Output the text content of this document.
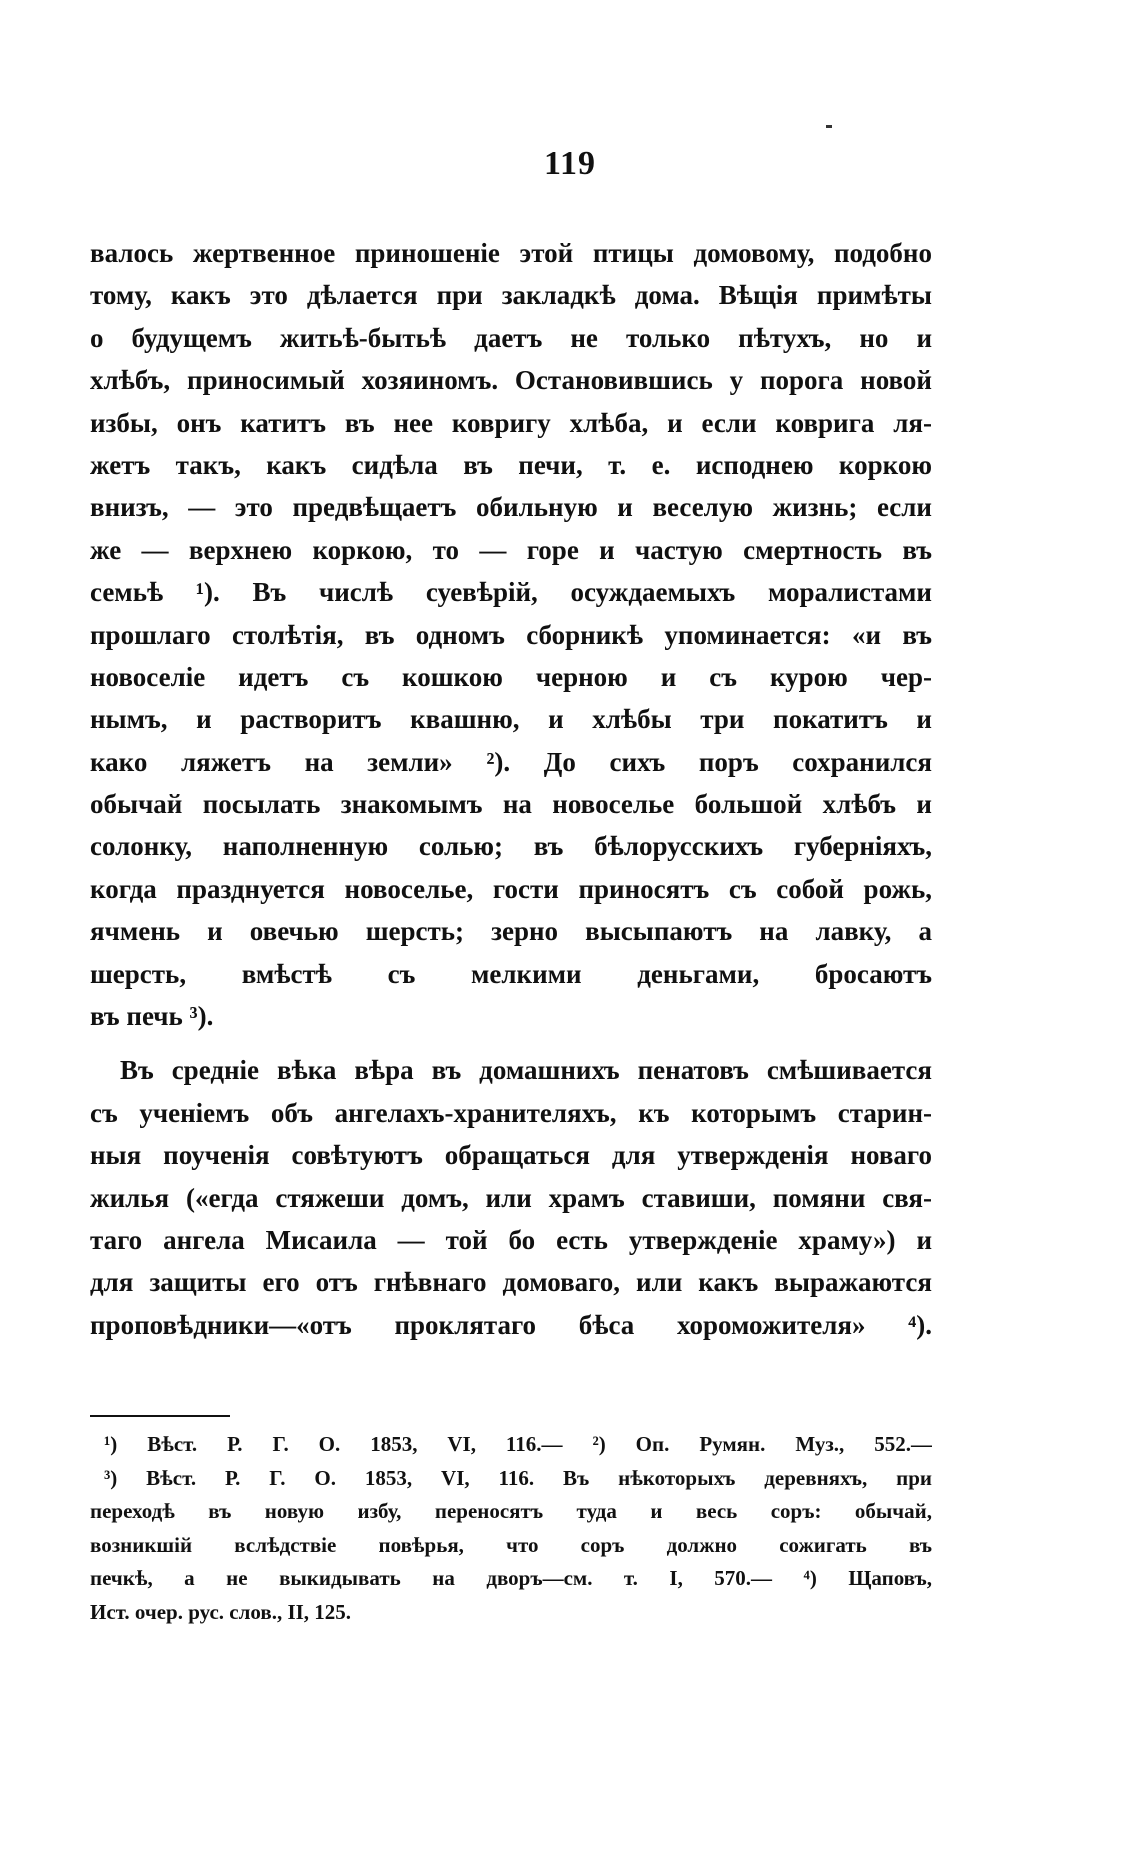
119
валось жертвенное приношеніе этой птицы домовому, подобно
тому, какъ это дѣлается при закладкѣ дома. Вѣщія примѣты
о будущемъ житьѣ-бытьѣ даетъ не только пѣтухъ, но и
хлѣбъ, приносимый хозяиномъ. Остановившись у порога новой
избы, онъ катитъ въ нее ковригу хлѣба, и если коврига ля-
жетъ такъ, какъ сидѣла въ печи, т. е. исподнею коркою
внизъ, — это предвѣщаетъ обильную и веселую жизнь; если
же — верхнею коркою, то — горе и частую смертность въ
семьѣ ¹). Въ числѣ суевѣрій, осуждаемыхъ моралистами
прошлаго столѣтія, въ одномъ сборникѣ упоминается: «и въ
новоселіе идетъ съ кошкою черною и съ курою чер-
нымъ, и растворитъ квашню, и хлѣбы три покатитъ и
како ляжетъ на земли» ²). До сихъ поръ сохранился
обычай посылать знакомымъ на новоселье большой хлѣбъ и
солонку, наполненную солью; въ бѣлорусскихъ губерніяхъ,
когда празднуется новоселье, гости приносятъ съ собой рожь,
ячмень и овечью шерсть; зерно высыпаютъ на лавку, а
шерсть, вмѣстѣ съ мелкими деньгами, бросаютъ
въ печь ³).
Въ средніе вѣка вѣра въ домашнихъ пенатовъ смѣшивается
съ ученіемъ объ ангелахъ-хранителяхъ, къ которымъ старин-
ныя поученія совѣтуютъ обращаться для утвержденія новаго
жилья («егда стяжеши домъ, или храмъ ставиши, помяни свя-
таго ангела Мисаила — той бо есть утвержденіе храму») и
для защиты его отъ гнѣвнаго домоваго, или какъ выражаются
проповѣдники—«отъ проклятаго бѣса хороможителя» ⁴).
¹) Вѣст. Р. Г. О. 1853, VI, 116.— ²) Оп. Румян. Муз., 552.—
³) Вѣст. Р. Г. О. 1853, VI, 116. Въ нѣкоторыхъ деревняхъ, при
переходѣ въ новую избу, переносятъ туда и весь соръ: обычай,
возникшій вслѣдствіе повѣрья, что соръ должно сожигать въ
печкѣ, а не выкидывать на дворъ—см. т. I, 570.— ⁴) Щаповъ,
Ист. очер. рус. слов., II, 125.
